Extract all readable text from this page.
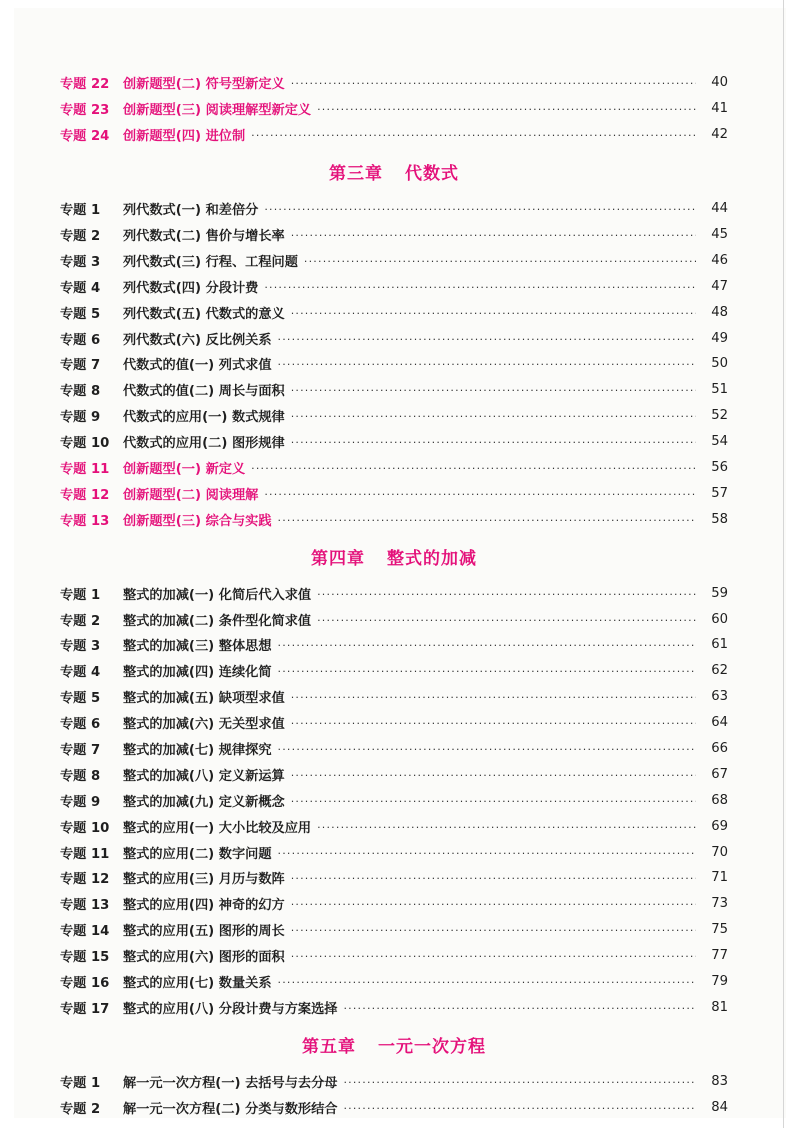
专题 22	创新题型(二) 符号型新定义 ·····	40
专题 23	创新题型(三) 阅读理解型新定义 ·····	41
专题 24	创新题型(四) 进位制 ·····	42
第三章 代数式
专题 1	列代数式(一) 和差倍分 ·····	44
专题 2	列代数式(二) 售价与增长率 ·····	45
专题 3	列代数式(三) 行程、工程问题 ·····	46
专题 4	列代数式(四) 分段计费 ·····	47
专题 5	列代数式(五) 代数式的意义 ·····	48
专题 6	列代数式(六) 反比例关系 ·····	49
专题 7	代数式的值(一) 列式求值 ·····	50
专题 8	代数式的值(二) 周长与面积 ·····	51
专题 9	代数式的应用(一) 数式规律 ·····	52
专题 10	代数式的应用(二) 图形规律 ·····	54
专题 11	创新题型(一) 新定义 ·····	56
专题 12	创新题型(二) 阅读理解 ·····	57
专题 13	创新题型(三) 综合与实践 ·····	58
第四章 整式的加减
专题 1	整式的加减(一) 化简后代入求值 ·····	59
专题 2	整式的加减(二) 条件型化简求值 ·····	60
专题 3	整式的加减(三) 整体思想 ·····	61
专题 4	整式的加减(四) 连续化简 ·····	62
专题 5	整式的加减(五) 缺项型求值 ·····	63
专题 6	整式的加减(六) 无关型求值 ·····	64
专题 7	整式的加减(七) 规律探究 ·····	66
专题 8	整式的加减(八) 定义新运算 ·····	67
专题 9	整式的加减(九) 定义新概念 ·····	68
专题 10	整式的应用(一) 大小比较及应用 ·····	69
专题 11	整式的应用(二) 数字问题 ·····	70
专题 12	整式的应用(三) 月历与数阵 ·····	71
专题 13	整式的应用(四) 神奇的幻方 ·····	73
专题 14	整式的应用(五) 图形的周长 ·····	75
专题 15	整式的应用(六) 图形的面积 ·····	77
专题 16	整式的应用(七) 数量关系 ·····	79
专题 17	整式的应用(八) 分段计费与方案选择 ·····	81
第五章 一元一次方程
专题 1	解一元一次方程(一) 去括号与去分母 ·····	83
专题 2	解一元一次方程(二) 分类与数形结合 ·····	84
